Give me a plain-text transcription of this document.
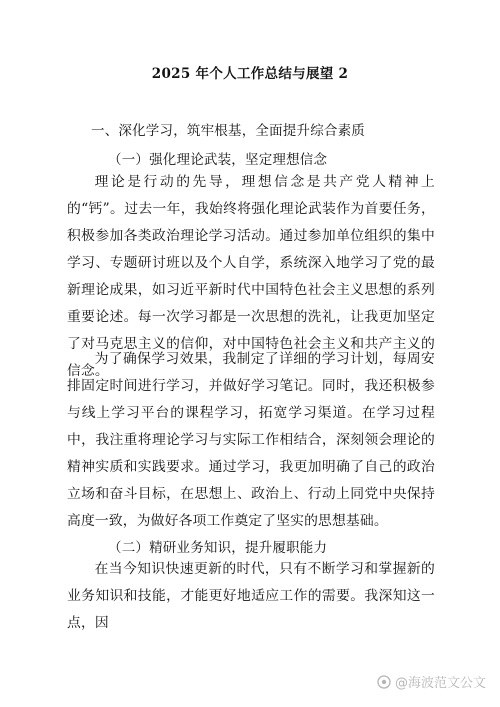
2025 年个人工作总结与展望 2
一、深化学习，筑牢根基，全面提升综合素质
（一）强化理论武装，坚定理想信念

理论是行动的先导，理想信念是共产党人精神上的“钙”。过去一年，我始终将强化理论武装作为首要任务，积极参加各类政治理论学习活动。通过参加单位组织的集中学习、专题研讨班以及个人自学，系统深入地学习了党的最新理论成果，如习近平新时代中国特色社会主义思想的系列重要论述。每一次学习都是一次思想的洗礼，让我更加坚定了对马克思主义的信仰，对中国特色社会主义和共产主义的信念。

为了确保学习效果，我制定了详细的学习计划，每周安排固定时间进行学习，并做好学习笔记。同时，我还积极参与线上学习平台的课程学习，拓宽学习渠道。在学习过程中，我注重将理论学习与实际工作相结合，深刻领会理论的精神实质和实践要求。通过学习，我更加明确了自己的政治立场和奋斗目标，在思想上、政治上、行动上同党中央保持高度一致，为做好各项工作奠定了坚实的思想基础。

（二）精研业务知识，提升履职能力

在当今知识快速更新的时代，只有不断学习和掌握新的业务知识和技能，才能更好地适应工作的需要。我深知这一点，因

@海波范文公文
